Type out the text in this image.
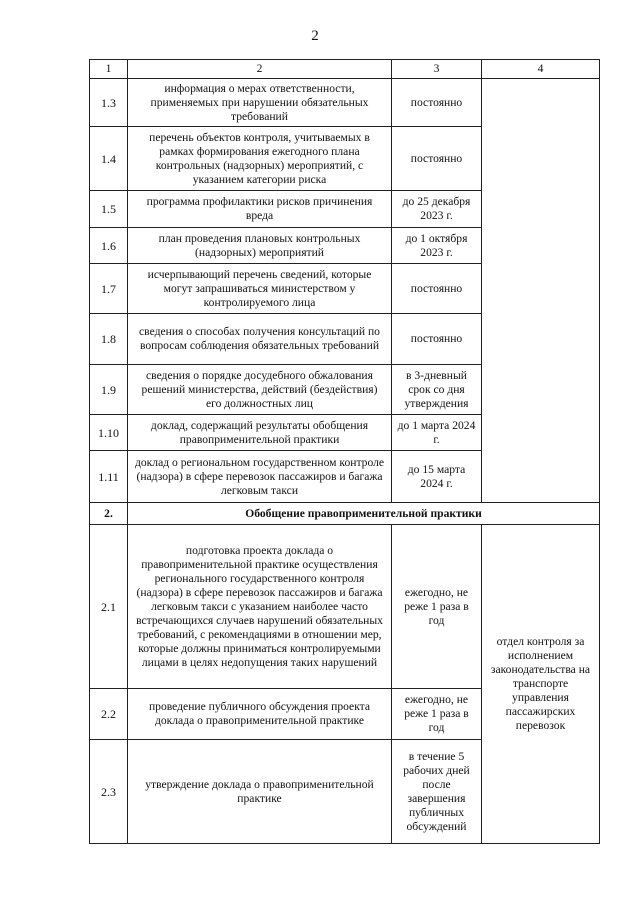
2
1	2	3	4
1.3	информация о мерах ответственности, применяемых при нарушении обязательных требований	постоянно	
1.4	перечень объектов контроля, учитываемых в рамках формирования ежегодного плана контрольных (надзорных) мероприятий, с указанием категории риска	постоянно	
1.5	программа профилактики рисков причинения вреда	до 25 декабря 2023 г.	
1.6	план проведения плановых контрольных (надзорных) мероприятий	до 1 октября 2023 г.	
1.7	исчерпывающий перечень сведений, которые могут запрашиваться министерством у контролируемого лица	постоянно	
1.8	сведения о способах получения консультаций по вопросам соблюдения обязательных требований	постоянно	
1.9	сведения о порядке досудебного обжалования решений министерства, действий (бездействия) его должностных лиц	в 3-дневный срок со дня утверждения	
1.10	доклад, содержащий результаты обобщения правоприменительной практики	до 1 марта 2024 г.	
1.11	доклад о региональном государственном контроле (надзора) в сфере перевозок пассажиров и багажа легковым такси	до 15 марта 2024 г.	
2.	Обобщение правоприменительной практики		
2.1	подготовка проекта доклада о правоприменительной практике осуществления регионального государственного контроля (надзора) в сфере перевозок пассажиров и багажа легковым такси с указанием наиболее часто встречающихся случаев нарушений обязательных требований, с рекомендациями в отношении мер, которые должны приниматься контролируемыми лицами в целях недопущения таких нарушений	ежегодно, не реже 1 раза в год	отдел контроля за исполнением законодательства на транспорте управления пассажирских перевозок
2.2	проведение публичного обсуждения проекта доклада о правоприменительной практике	ежегодно, не реже 1 раза в год	
2.3	утверждение доклада о правоприменительной практике	в течение 5 рабочих дней после завершения публичных обсуждений	
